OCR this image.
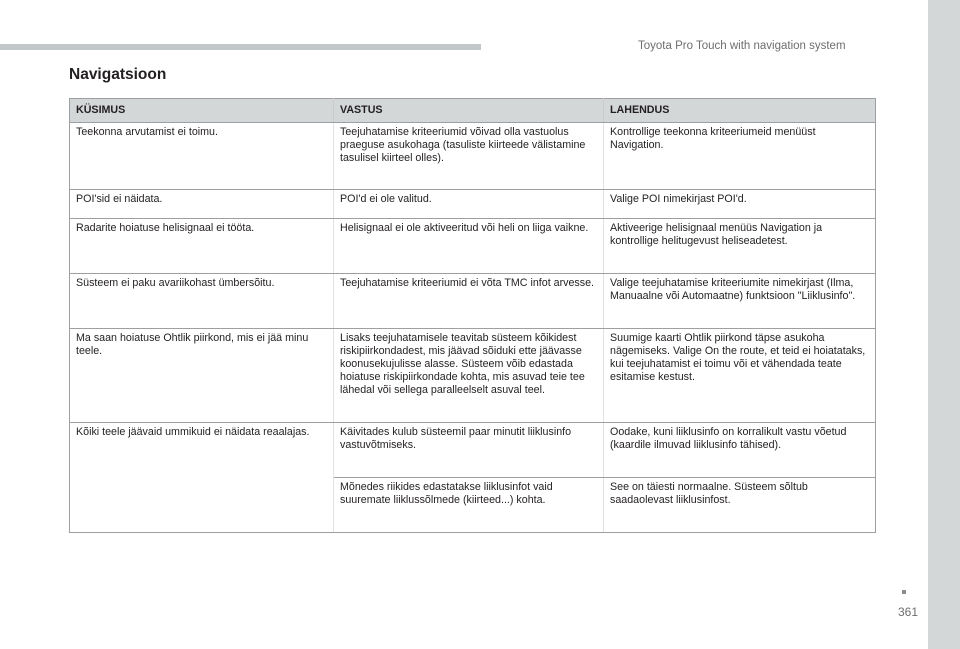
Toyota Pro Touch with navigation system
Navigatsioon
KÜSIMUS	VASTUS	LAHENDUS
Teekonna arvutamist ei toimu.	Teejuhatamise kriteeriumid võivad olla vastuolus praeguse asukohaga (tasuliste kiirteede välistamine tasulisel kiirteel olles).	Kontrollige teekonna kriteeriumeid menüüst Navigation.
POI'sid ei näidata.	POI'd ei ole valitud.	Valige POI nimekirjast POI'd.
Radarite hoiatuse helisignaal ei tööta.	Helisignaal ei ole aktiveeritud või heli on liiga vaikne.	Aktiveerige helisignaal menüüs Navigation ja kontrollige helitugevust heliseadetest.
Süsteem ei paku avariikohast ümbersõitu.	Teejuhatamise kriteeriumid ei võta TMC infot arvesse.	Valige teejuhatamise kriteeriumite nimekirjast (Ilma, Manuaalne või Automaatne) funktsioon "Liiklusinfo".
Ma saan hoiatuse Ohtlik piirkond, mis ei jää minu teele.	Lisaks teejuhatamisele teavitab süsteem kõikidest riskipiirkondadest, mis jäävad sõiduki ette jäävasse koonusekujulisse alasse. Süsteem võib edastada hoiatuse riskipiirkondade kohta, mis asuvad teie tee lähedal või sellega paralleelselt asuval teel.	Suumige kaarti Ohtlik piirkond täpse asukoha nägemiseks. Valige On the route, et teid ei hoiatataks, kui teejuhatamist ei toimu või et vähendada teate esitamise kestust.
Kõiki teele jäävaid ummikuid ei näidata reaalajas.	Käivitades kulub süsteemil paar minutit liiklusinfo vastuvõtmiseks.	Oodake, kuni liiklusinfo on korralikult vastu võetud (kaardile ilmuvad liiklusinfo tähised).
	Mõnedes riikides edastatakse liiklusinfot vaid suuremate liiklussõlmede (kiirteed...) kohta.	See on täiesti normaalne. Süsteem sõltub saadaolevast liiklusinfost.
361
